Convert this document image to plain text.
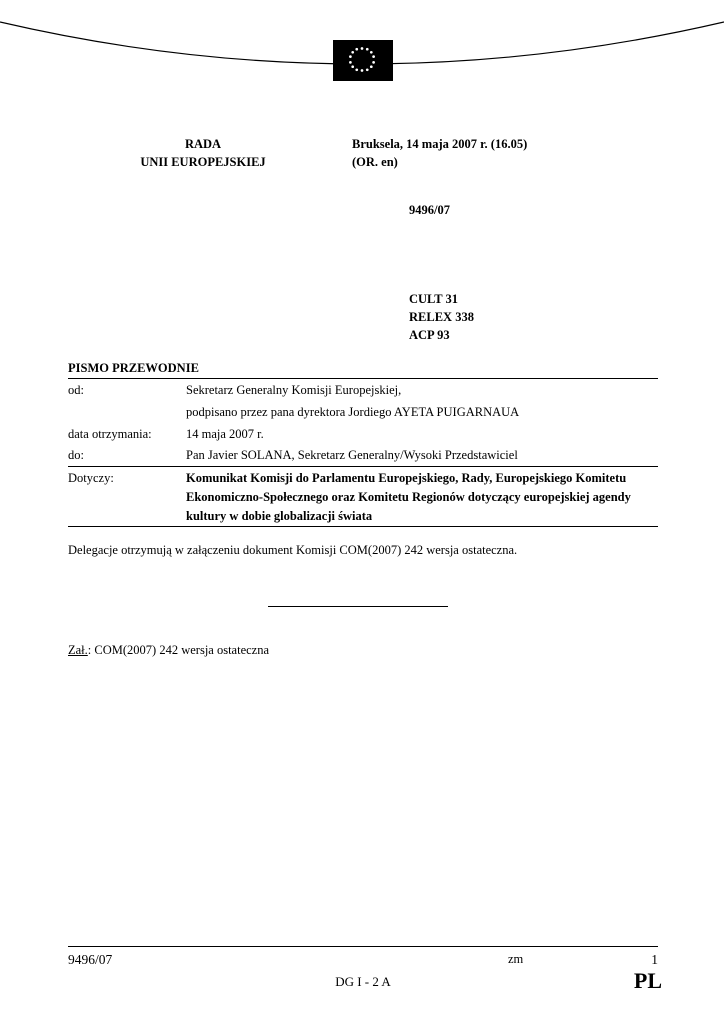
RADA	Bruksela, 14 maja 2007 r. (16.05)
UNII EUROPEJSKIEJ	(OR. en)
9496/07
CULT 31
RELEX 338
ACP 93
PISMO PRZEWODNIE
od:	Sekretarz Generalny Komisji Europejskiej,
podpisano przez pana dyrektora Jordiego AYETA PUIGARNAUA
data otrzymania:	14 maja 2007 r.
do:	Pan Javier SOLANA, Sekretarz Generalny/Wysoki Przedstawiciel
Dotyczy:	Komunikat Komisji do Parlamentu Europejskiego, Rady, Europejskiego Komitetu Ekonomiczno-Społecznego oraz Komitetu Regionów dotyczący europejskiej agendy kultury w dobie globalizacji świata
Delegacje otrzymują w załączeniu dokument Komisji COM(2007) 242 wersja ostateczna.
Zał.: COM(2007) 242 wersja ostateczna
9496/07	zm	1
DG I - 2 A	PL
